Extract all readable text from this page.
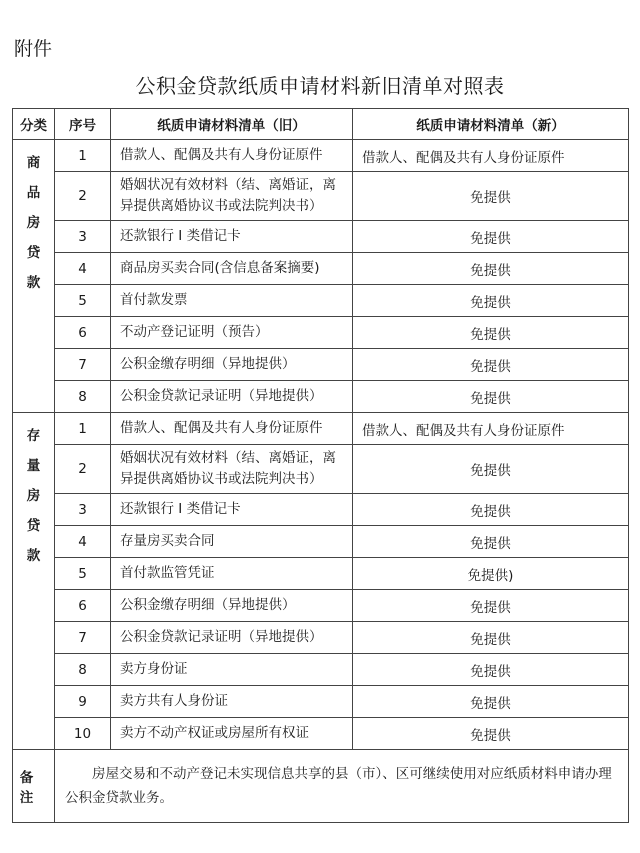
附件
公积金贷款纸质申请材料新旧清单对照表
分类	序号	纸质申请材料清单（旧）	纸质申请材料清单（新）

商
品
房
贷
款	1	借款人、配偶及共有人身份证原件	借款人、配偶及共有人身份证原件
	2	婚姻状况有效材料（结、离婚证，离异提供离婚协议书或法院判决书）	免提供
	3	还款银行 I 类借记卡	免提供
	4	商品房买卖合同(含信息备案摘要)	免提供
	5	首付款发票	免提供
	6	不动产登记证明（预告）	免提供
	7	公积金缴存明细（异地提供）	免提供
	8	公积金贷款记录证明（异地提供）	免提供

存
量
房
贷
款	1	借款人、配偶及共有人身份证原件	借款人、配偶及共有人身份证原件
	2	婚姻状况有效材料（结、离婚证，离异提供离婚协议书或法院判决书）	免提供
	3	还款银行 I 类借记卡	免提供
	4	存量房买卖合同	免提供
	5	首付款监管凭证	免提供)
	6	公积金缴存明细（异地提供）	免提供
	7	公积金贷款记录证明（异地提供）	免提供
	8	卖方身份证	免提供
	9	卖方共有人身份证	免提供
	10	卖方不动产权证或房屋所有权证	免提供
备注	房屋交易和不动产登记未实现信息共享的县（市）、区可继续使用对应纸质材料申请办理公积金贷款业务。		
